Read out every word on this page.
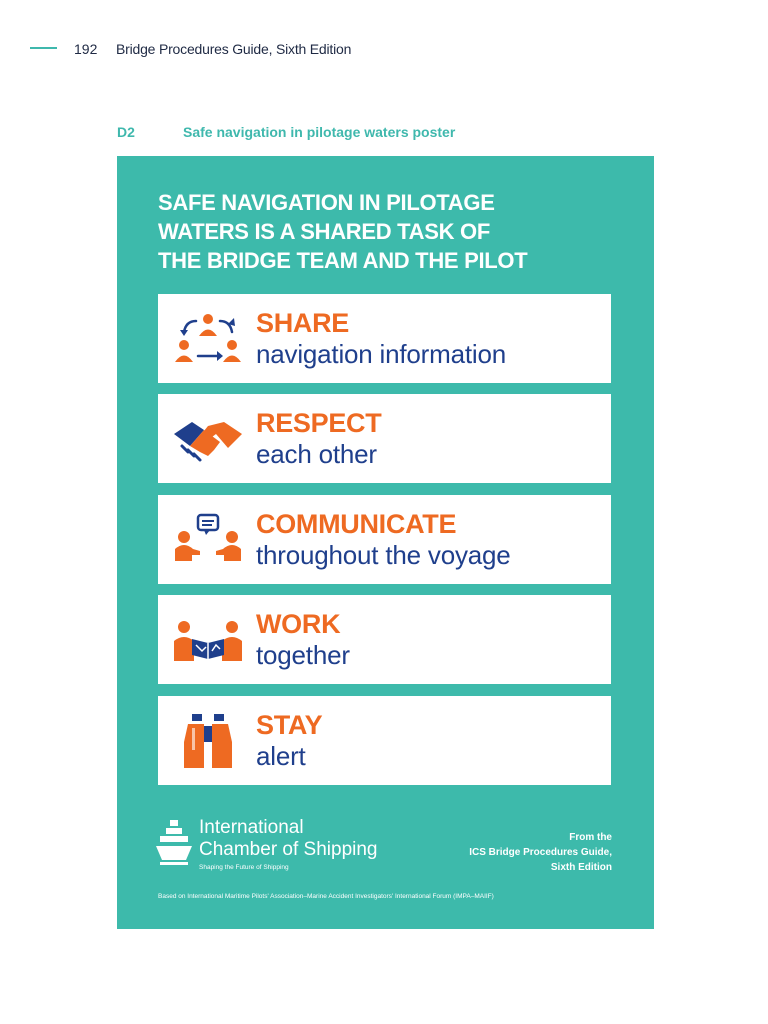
192 Bridge Procedures Guide, Sixth Edition
D2	Safe navigation in pilotage waters poster
SAFE NAVIGATION IN PILOTAGE
WATERS IS A SHARED TASK OF
THE BRIDGE TEAM AND THE PILOT
SHARE
navigation information
RESPECT
each other
COMMUNICATE
throughout the voyage
WORK
together
STAY
alert
International
Chamber of Shipping
Shaping the Future of Shipping
From the
ICS Bridge Procedures Guide,
Sixth Edition
Based on International Maritime Pilots' Association–Marine Accident Investigators' International Forum (IMPA–MAIIF)
